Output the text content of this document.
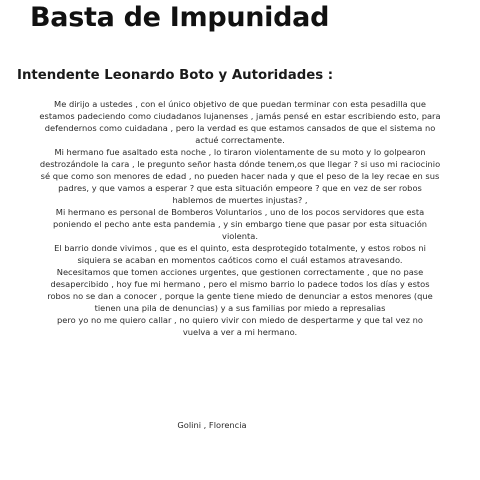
Basta de Impunidad
Intendente Leonardo Boto y Autoridades :
Me dirijo a ustedes , con el único objetivo de que puedan terminar con esta pesadilla que
estamos padeciendo como ciudadanos lujanenses , jamás pensé en estar escribiendo esto, para
defendernos como cuidadana , pero la verdad es que estamos cansados de que el sistema no
actué correctamente.
Mi hermano fue asaltado esta noche , lo tiraron violentamente de su moto y lo golpearon
destrozándole la cara , le pregunto señor hasta dónde tenem,os que llegar ? si uso mi raciocinio
sé que como son menores de edad , no pueden hacer nada y que el peso de la ley recae en sus
padres, y que vamos a esperar ? que esta situación empeore ? que en vez de ser robos
hablemos de muertes injustas? ,
Mi hermano es personal de Bomberos Voluntarios , uno de los pocos servidores que esta
poniendo el pecho ante esta pandemia , y sin embargo tiene que pasar por esta situación
violenta.
El barrio donde vivimos , que es el quinto, esta desprotegido totalmente, y estos robos ni
siquiera se acaban en momentos caóticos como el cuál estamos atravesando.
Necesitamos que tomen acciones urgentes, que gestionen correctamente , que no pase
desapercibido , hoy fue mi hermano , pero el mismo barrio lo padece todos los días y estos
robos no se dan a conocer , porque la gente tiene miedo de denunciar a estos menores (que
tienen una pila de denuncias) y a sus familias por miedo a represalias
pero yo no me quiero callar , no quiero vivir con miedo de despertarme y que tal vez no
vuelva a ver a mi hermano.

Golini , Florencia
